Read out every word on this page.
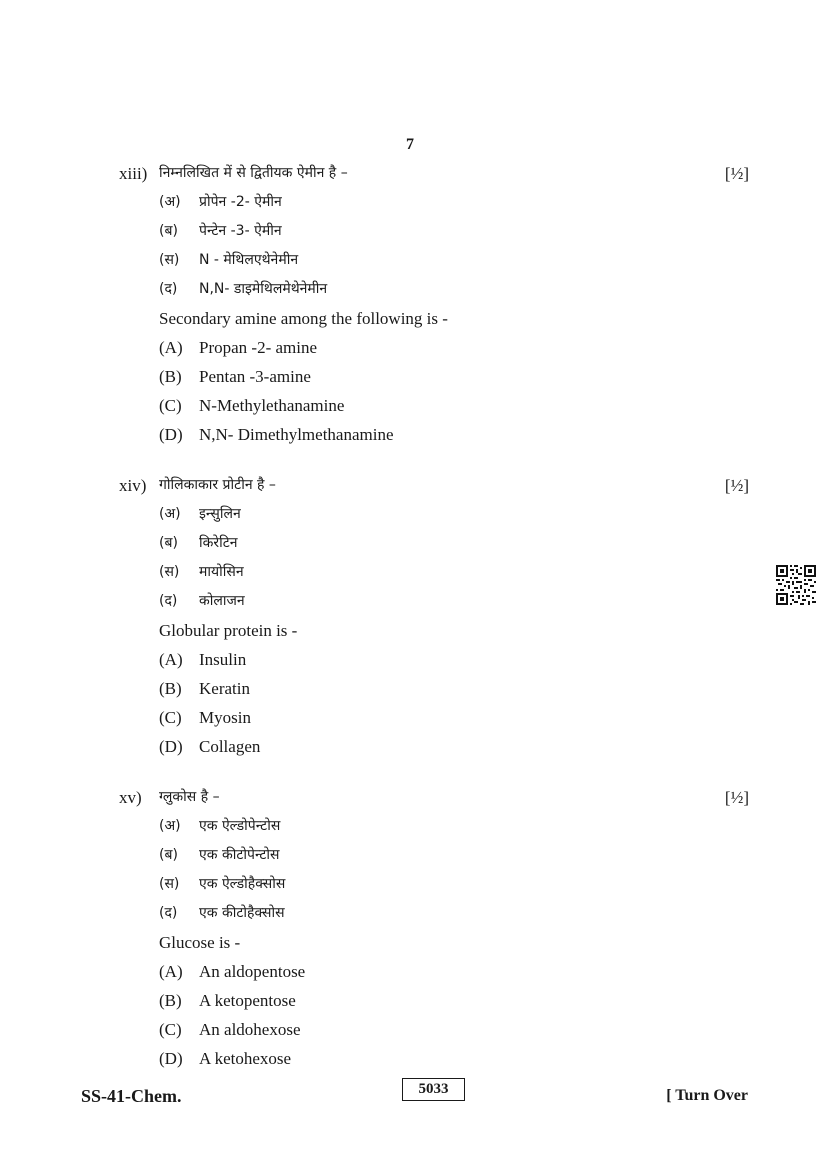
7
xiii) निम्नलिखित में से द्वितीयक ऐमीन है –	[½]
(अ) प्रोपेन -2- ऐमीन
(ब) पेन्टेन -3- ऐमीन
(स) N - मेथिलएथेनेमीन
(द) N,N- डाइमेथिलमेथेनेमीन
Secondary amine among the following is -
(A) Propan -2- amine
(B) Pentan -3-amine
(C) N-Methylethanamine
(D) N,N- Dimethylmethanamine
xiv) गोलिकाकार प्रोटीन है –	[½]
(अ) इन्सुलिन
(ब) किरेटिन
(स) मायोसिन
(द) कोलाजन
Globular protein is -
(A) Insulin
(B) Keratin
(C) Myosin
(D) Collagen
xv) ग्लुकोस है –	[½]
(अ) एक ऐल्डोपेन्टोस
(ब) एक कीटोपेन्टोस
(स) एक ऐल्डोहैक्सोस
(द) एक कीटोहैक्सोस
Glucose is -
(A) An aldopentose
(B) A ketopentose
(C) An aldohexose
(D) A ketohexose
SS-41-Chem.	5033	[ Turn Over
